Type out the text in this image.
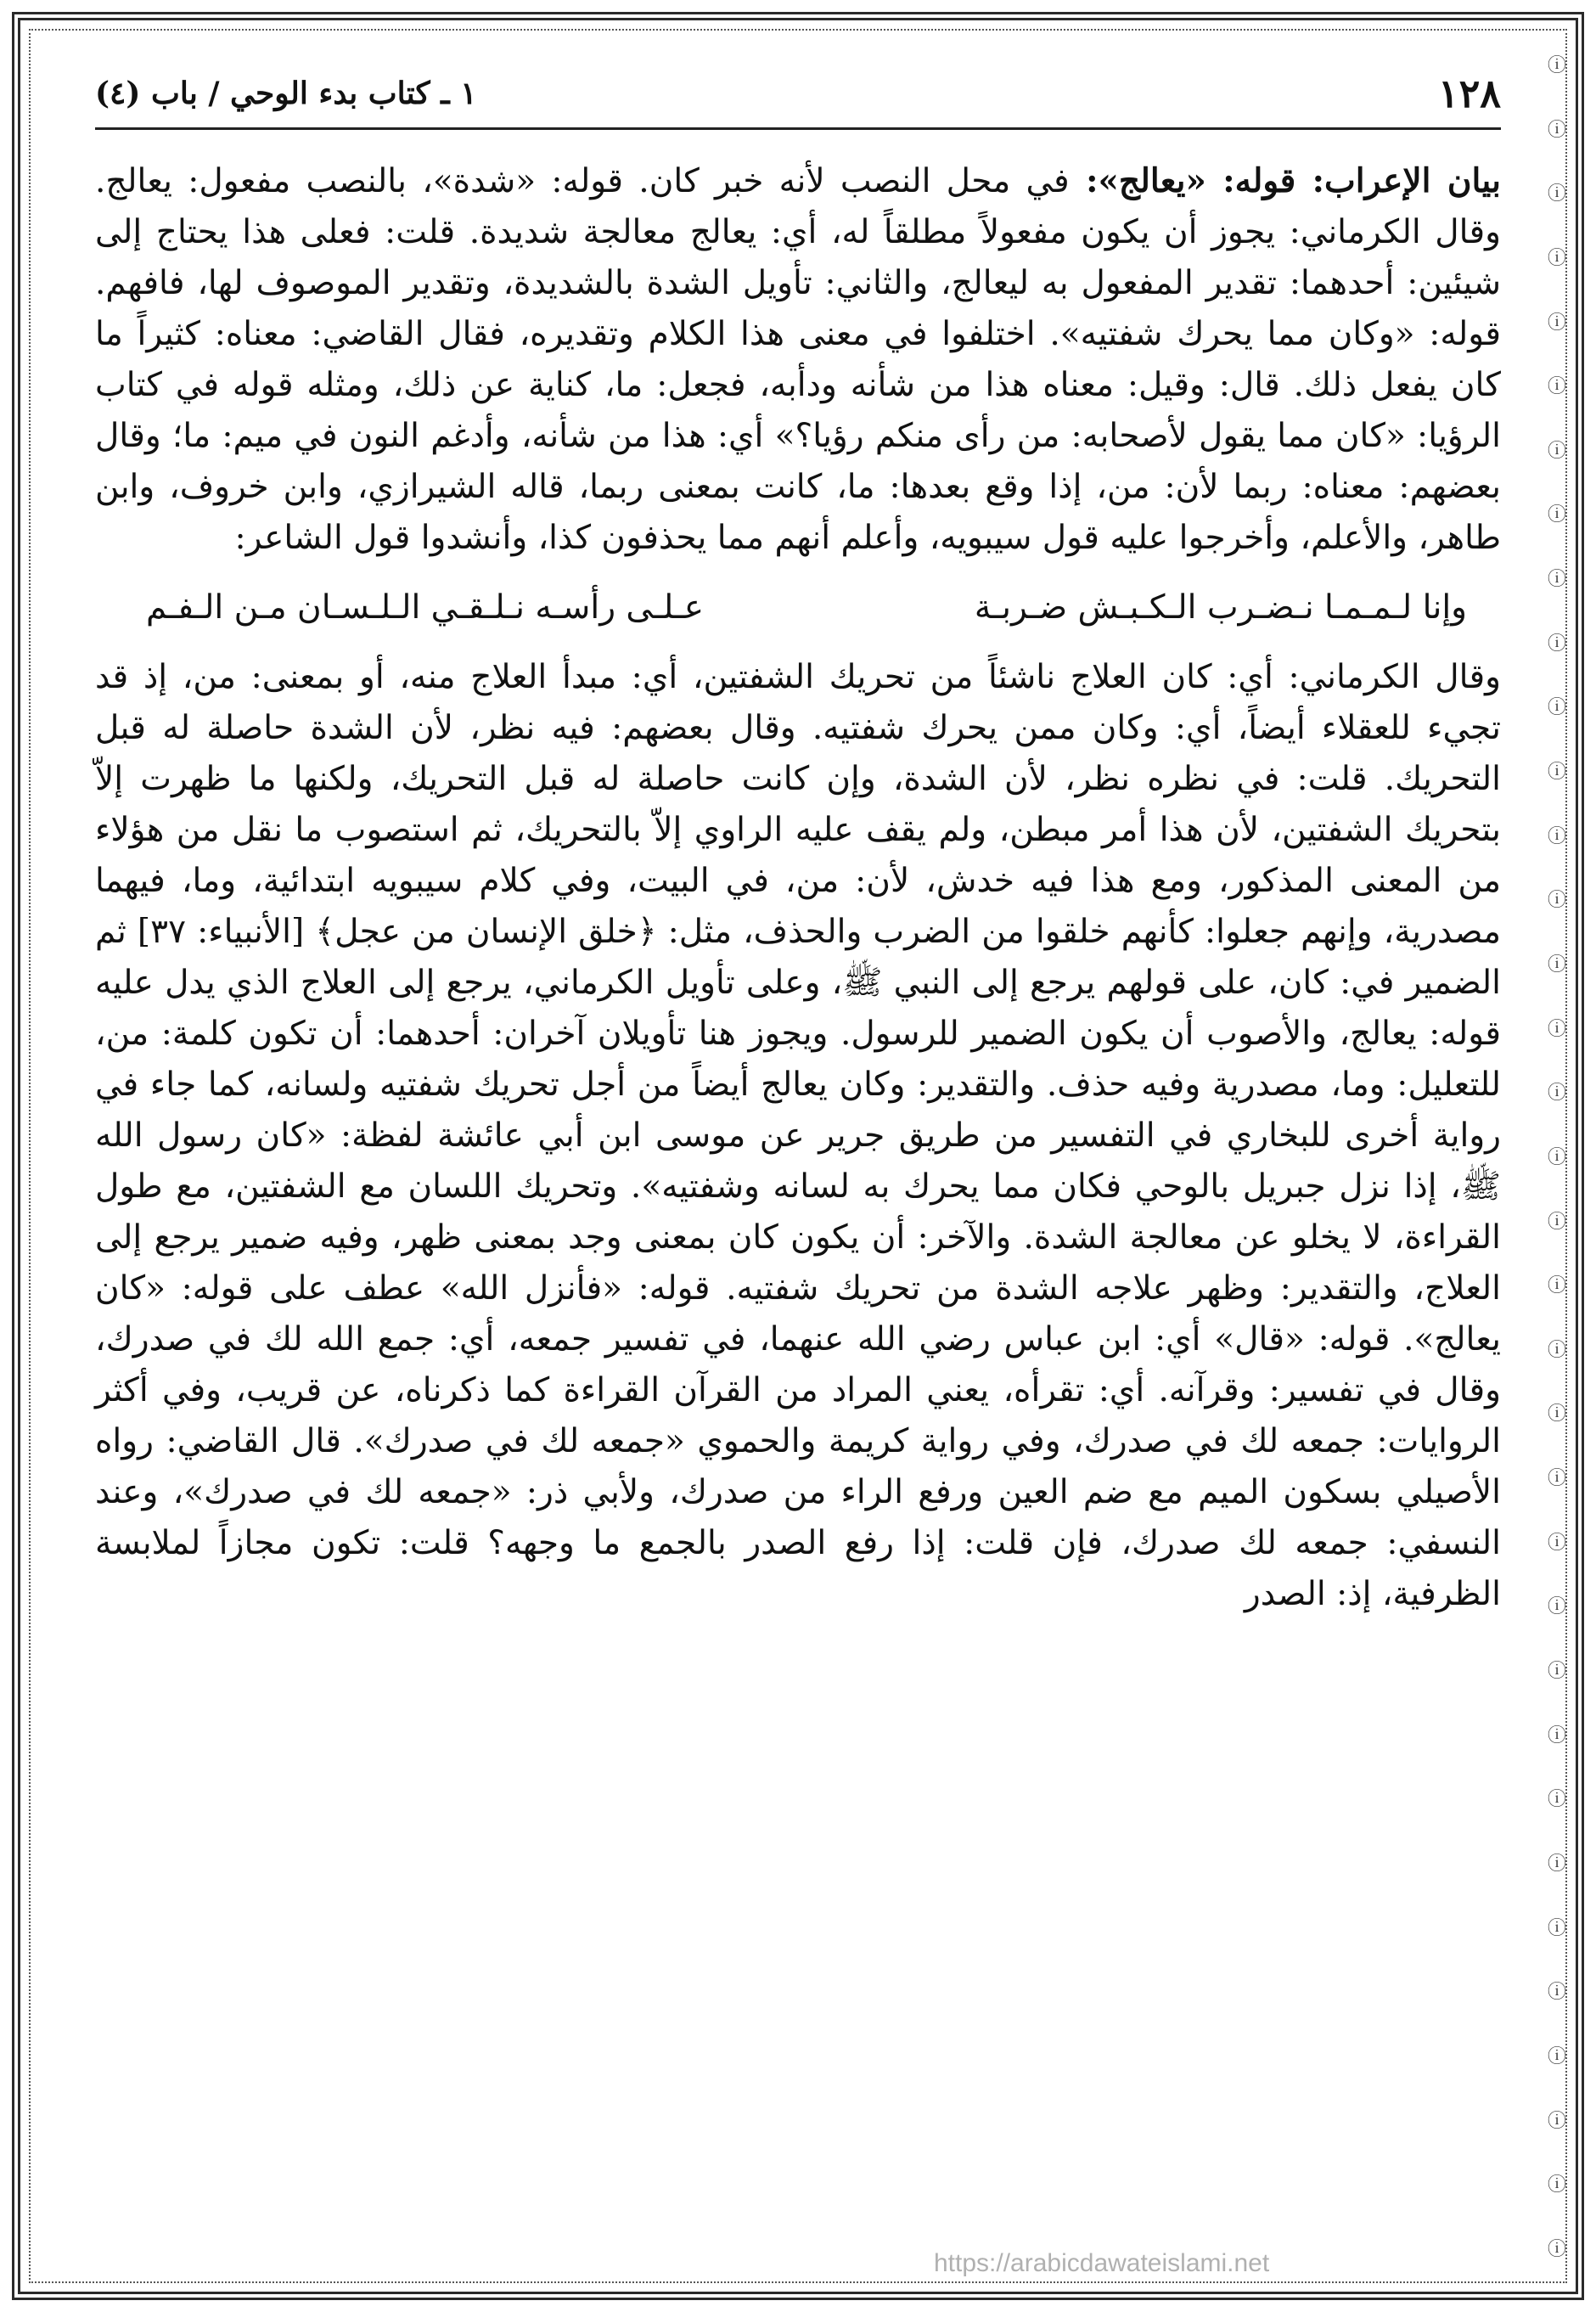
ⓘ
ⓘ
ⓘ
ⓘ
ⓘ
ⓘ
ⓘ
ⓘ
ⓘ
ⓘ
ⓘ
ⓘ
ⓘ
ⓘ
ⓘ
ⓘ
ⓘ
ⓘ
ⓘ
ⓘ
ⓘ
ⓘ
ⓘ
ⓘ
ⓘ
ⓘ
ⓘ
ⓘ
ⓘ
ⓘ
ⓘ
ⓘ
ⓘ
ⓘ
ⓘ
١٢٨
١ ـ كتاب بدء الوحي / باب (٤)

بيان الإعراب: قوله: «يعالج»: في محل النصب لأنه خبر كان. قوله: «شدة»، بالنصب مفعول: يعالج. وقال الكرماني: يجوز أن يكون مفعولاً مطلقاً له، أي: يعالج معالجة شديدة. قلت: فعلى هذا يحتاج إلى شيئين: أحدهما: تقدير المفعول به ليعالج، والثاني: تأويل الشدة بالشديدة، وتقدير الموصوف لها، فافهم. قوله: «وكان مما يحرك شفتيه». اختلفوا في معنى هذا الكلام وتقديره، فقال القاضي: معناه: كثيراً ما كان يفعل ذلك. قال: وقيل: معناه هذا من شأنه ودأبه، فجعل: ما، كناية عن ذلك، ومثله قوله في كتاب الرؤيا: «كان مما يقول لأصحابه: من رأى منكم رؤيا؟» أي: هذا من شأنه، وأدغم النون في ميم: ما؛ وقال بعضهم: معناه: ربما لأن: من، إذا وقع بعدها: ما، كانت بمعنى ربما، قاله الشيرازي، وابن خروف، وابن طاهر، والأعلم، وأخرجوا عليه قول سيبويه، وأعلم أنهم مما يحذفون كذا، وأنشدوا قول الشاعر:

وإنا لـمـمـا نـضـرب الـكـبـش ضـربـة
عـلـى رأسـه نـلـقـي الـلـسـان مـن الـفـم

وقال الكرماني: أي: كان العلاج ناشئاً من تحريك الشفتين، أي: مبدأ العلاج منه، أو بمعنى: من، إذ قد تجيء للعقلاء أيضاً، أي: وكان ممن يحرك شفتيه. وقال بعضهم: فيه نظر، لأن الشدة حاصلة له قبل التحريك. قلت: في نظره نظر، لأن الشدة، وإن كانت حاصلة له قبل التحريك، ولكنها ما ظهرت إلاّ بتحريك الشفتين، لأن هذا أمر مبطن، ولم يقف عليه الراوي إلاّ بالتحريك، ثم استصوب ما نقل من هؤلاء من المعنى المذكور، ومع هذا فيه خدش، لأن: من، في البيت، وفي كلام سيبويه ابتدائية، وما، فيهما مصدرية، وإنهم جعلوا: كأنهم خلقوا من الضرب والحذف، مثل: ﴿خلق الإنسان من عجل﴾ [الأنبياء: ٣٧] ثم الضمير في: كان، على قولهم يرجع إلى النبي ﷺ، وعلى تأويل الكرماني، يرجع إلى العلاج الذي يدل عليه قوله: يعالج، والأصوب أن يكون الضمير للرسول. ويجوز هنا تأويلان آخران: أحدهما: أن تكون كلمة: من، للتعليل: وما، مصدرية وفيه حذف. والتقدير: وكان يعالج أيضاً من أجل تحريك شفتيه ولسانه، كما جاء في رواية أخرى للبخاري في التفسير من طريق جرير عن موسى ابن أبي عائشة لفظة: «كان رسول الله ﷺ، إذا نزل جبريل بالوحي فكان مما يحرك به لسانه وشفتيه». وتحريك اللسان مع الشفتين، مع طول القراءة، لا يخلو عن معالجة الشدة. والآخر: أن يكون كان بمعنى وجد بمعنى ظهر، وفيه ضمير يرجع إلى العلاج، والتقدير: وظهر علاجه الشدة من تحريك شفتيه. قوله: «فأنزل الله» عطف على قوله: «كان يعالج». قوله: «قال» أي: ابن عباس رضي الله عنهما، في تفسير جمعه، أي: جمع الله لك في صدرك، وقال في تفسير: وقرآنه. أي: تقرأه، يعني المراد من القرآن القراءة كما ذكرناه، عن قريب، وفي أكثر الروايات: جمعه لك في صدرك، وفي رواية كريمة والحموي «جمعه لك في صدرك». قال القاضي: رواه الأصيلي بسكون الميم مع ضم العين ورفع الراء من صدرك، ولأبي ذر: «جمعه لك في صدرك»، وعند النسفي: جمعه لك صدرك، فإن قلت: إذا رفع الصدر بالجمع ما وجهه؟ قلت: تكون مجازاً لملابسة الظرفية، إذ: الصدر

https://arabicdawateislami.net
